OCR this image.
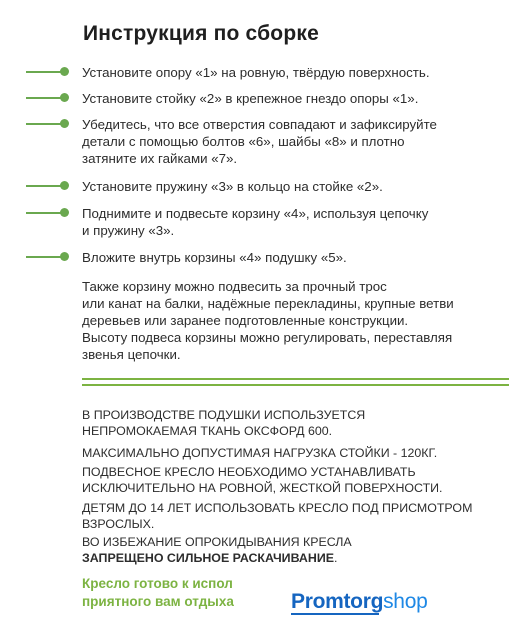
Инструкция по сборке
Установите опору «1» на ровную, твёрдую поверхность.
Установите стойку «2» в крепежное гнездо опоры «1».
Убедитесь, что все отверстия совпадают и зафиксируйте
детали с помощью болтов «6», шайбы «8» и плотно
затяните их гайками «7».
Установите пружину «3» в кольцо на стойке «2».
Поднимите и подвесьте корзину «4», используя цепочку
и пружину «3».
Вложите внутрь корзины «4» подушку «5».
Также корзину можно подвесить за прочный трос
или канат на балки, надёжные перекладины, крупные ветви
деревьев или заранее подготовленные конструкции.
Высоту подвеса корзины можно регулировать, переставляя
звенья цепочки.
В ПРОИЗВОДСТВЕ ПОДУШКИ ИСПОЛЬЗУЕТСЯ
НЕПРОМОКАЕМАЯ ТКАНЬ ОКСФОРД 600.
МАКСИМАЛЬНО ДОПУСТИМАЯ НАГРУЗКА СТОЙКИ - 120КГ.
ПОДВЕСНОЕ КРЕСЛО НЕОБХОДИМО УСТАНАВЛИВАТЬ
ИСКЛЮЧИТЕЛЬНО НА РОВНОЙ, ЖЕСТКОЙ ПОВЕРХНОСТИ.
ДЕТЯМ ДО 14 ЛЕТ ИСПОЛЬЗОВАТЬ КРЕСЛО ПОД ПРИСМОТРОМ
ВЗРОСЛЫХ.
ВО ИЗБЕЖАНИЕ ОПРОКИДЫВАНИЯ КРЕСЛА
ЗАПРЕЩЕНО СИЛЬНОЕ РАСКАЧИВАНИЕ.
Кресло готово к испол
приятного вам отдыха	Promtorgshop
